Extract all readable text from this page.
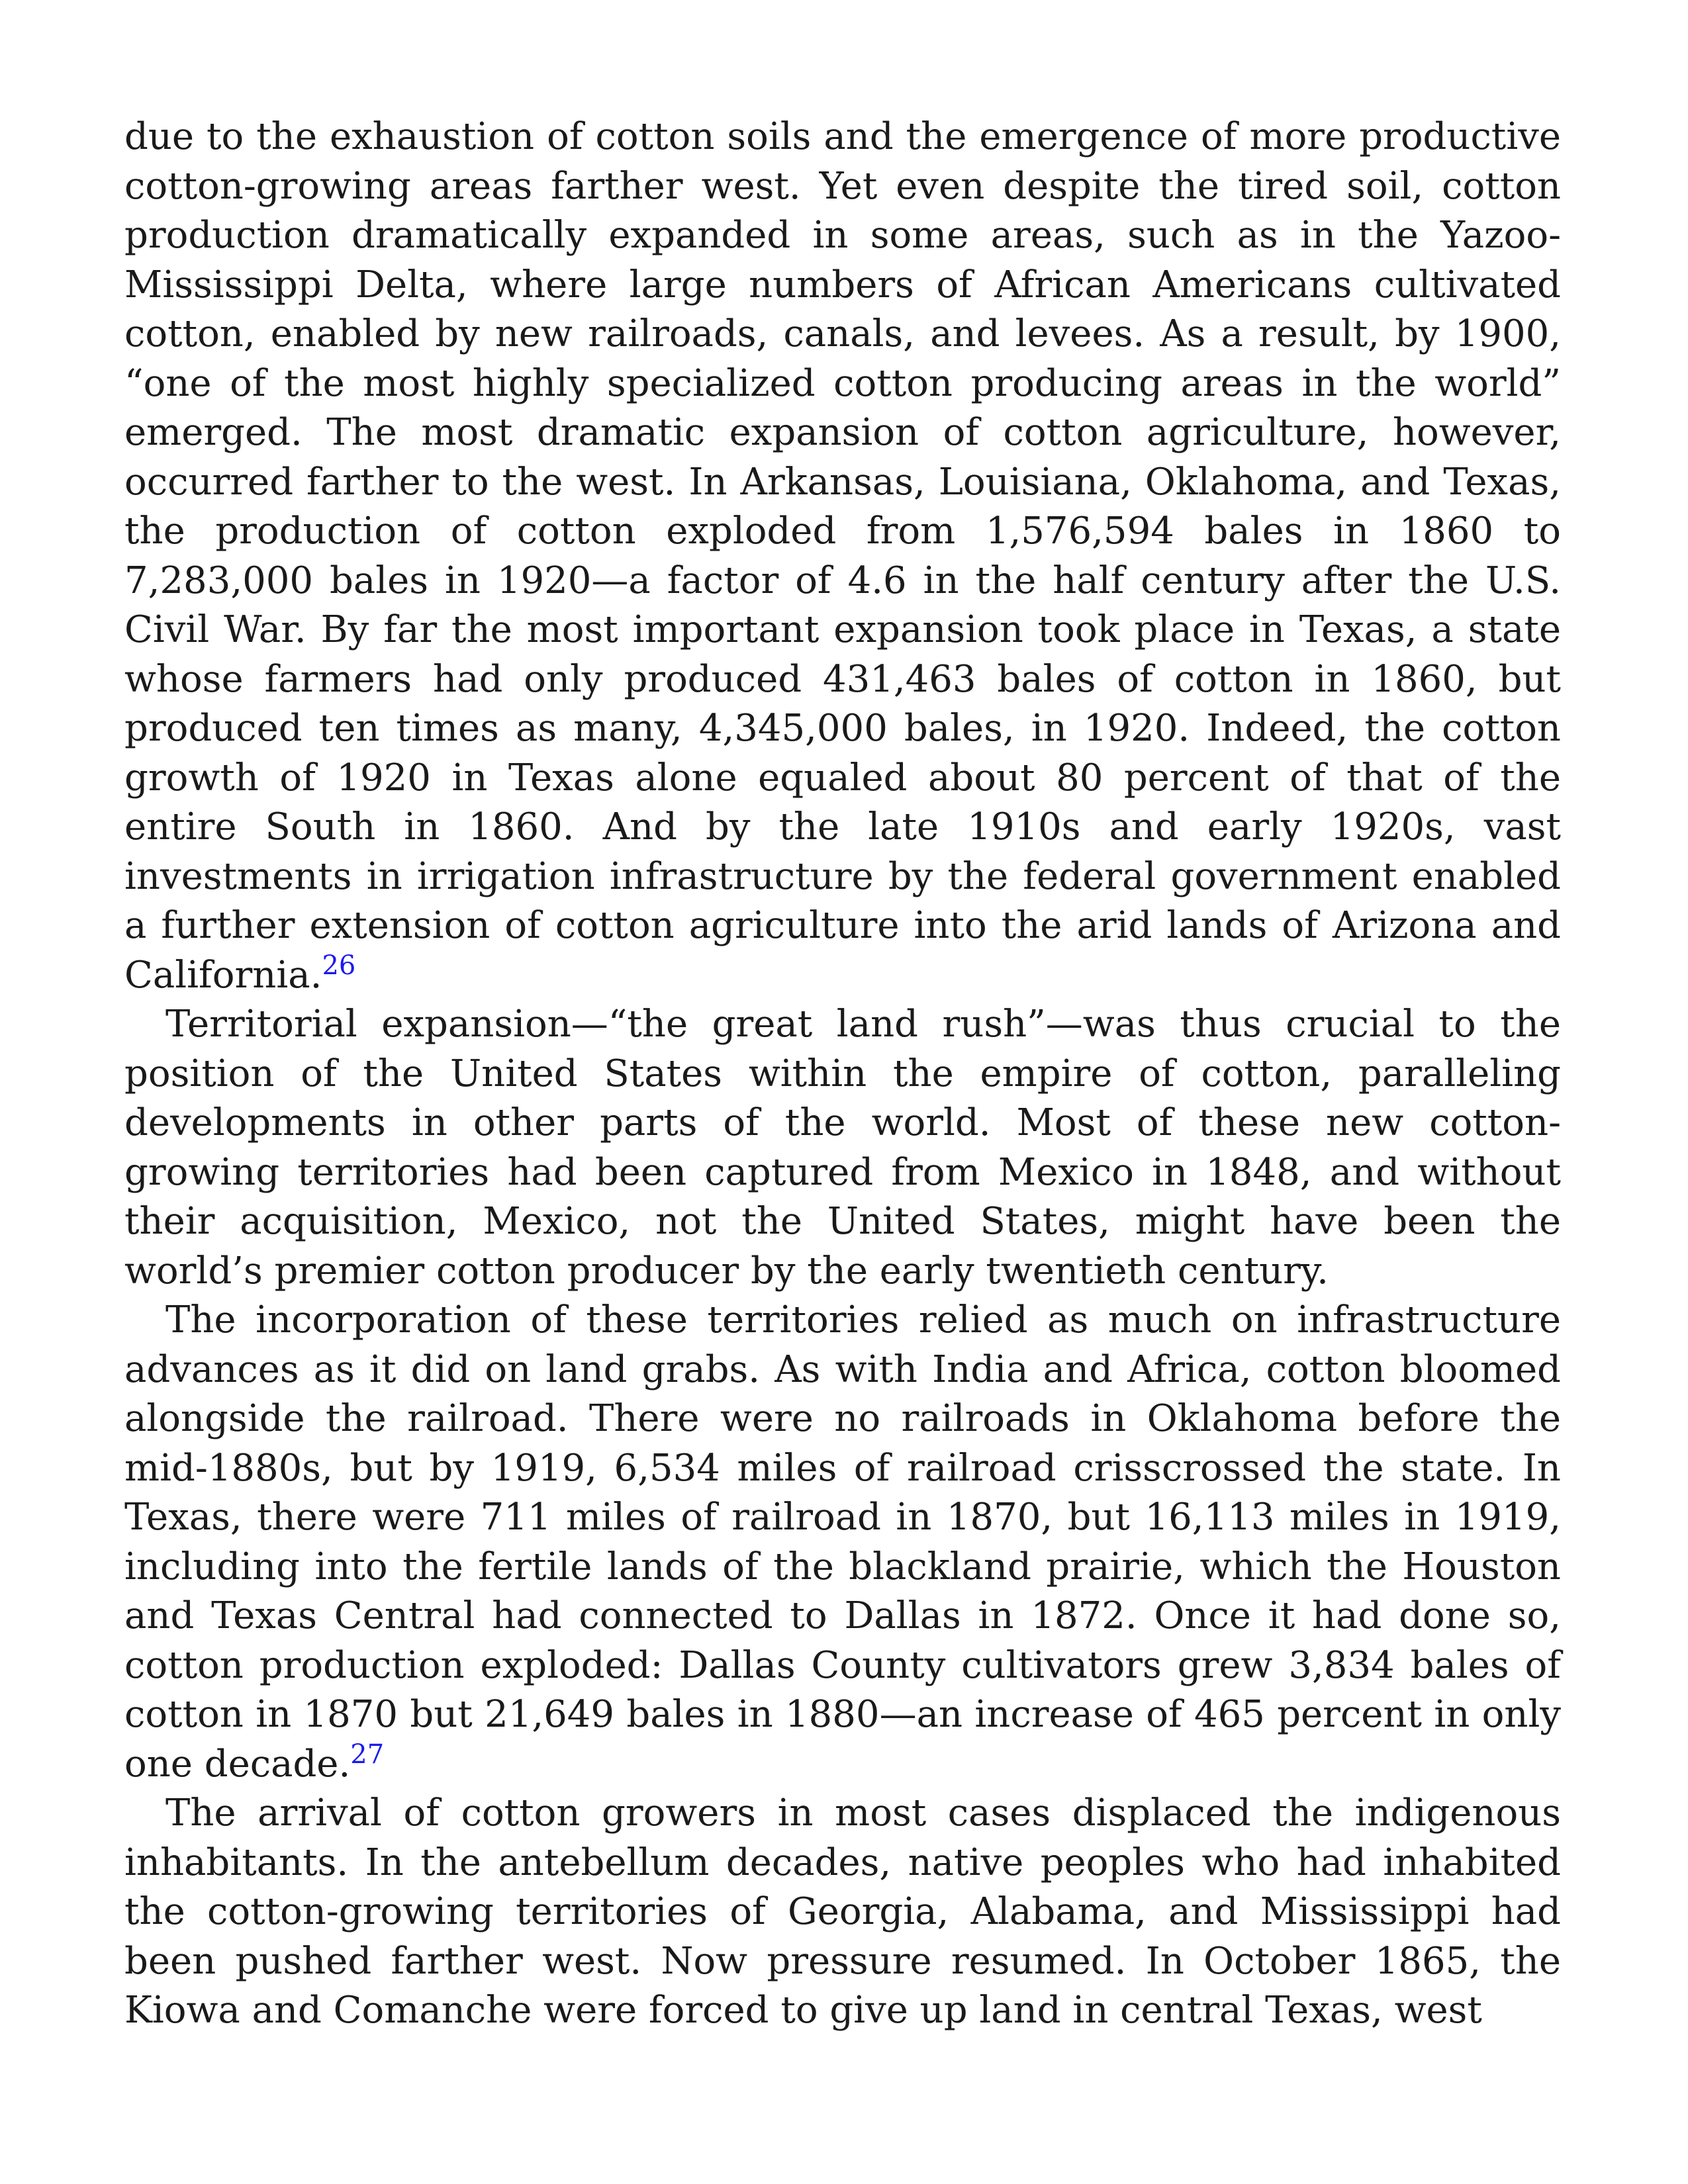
due to the exhaustion of cotton soils and the emergence of more productive cotton-growing areas farther west. Yet even despite the tired soil, cotton production dramatically expanded in some areas, such as in the Yazoo-Mississippi Delta, where large numbers of African Americans cultivated cotton, enabled by new railroads, canals, and levees. As a result, by 1900, “one of the most highly specialized cotton producing areas in the world” emerged. The most dramatic expansion of cotton agriculture, however, occurred farther to the west. In Arkansas, Louisiana, Oklahoma, and Texas, the production of cotton exploded from 1,576,594 bales in 1860 to 7,283,000 bales in 1920—a factor of 4.6 in the half century after the U.S. Civil War. By far the most important expansion took place in Texas, a state whose farmers had only produced 431,463 bales of cotton in 1860, but produced ten times as many, 4,345,000 bales, in 1920. Indeed, the cotton growth of 1920 in Texas alone equaled about 80 percent of that of the entire South in 1860. And by the late 1910s and early 1920s, vast investments in irrigation infrastructure by the federal government enabled a further extension of cotton agriculture into the arid lands of Arizona and California.$^{26}$

Territorial expansion—“the great land rush”—was thus crucial to the position of the United States within the empire of cotton, paralleling developments in other parts of the world. Most of these new cotton-growing territories had been captured from Mexico in 1848, and without their acquisition, Mexico, not the United States, might have been the world’s premier cotton producer by the early twentieth century.

The incorporation of these territories relied as much on infrastructure advances as it did on land grabs. As with India and Africa, cotton bloomed alongside the railroad. There were no railroads in Oklahoma before the mid-1880s, but by 1919, 6,534 miles of railroad crisscrossed the state. In Texas, there were 711 miles of railroad in 1870, but 16,113 miles in 1919, including into the fertile lands of the blackland prairie, which the Houston and Texas Central had connected to Dallas in 1872. Once it had done so, cotton production exploded: Dallas County cultivators grew 3,834 bales of cotton in 1870 but 21,649 bales in 1880—an increase of 465 percent in only one decade.$^{27}$

The arrival of cotton growers in most cases displaced the indigenous inhabitants. In the antebellum decades, native peoples who had inhabited the cotton-growing territories of Georgia, Alabama, and Mississippi had been pushed farther west. Now pressure resumed. In October 1865, the Kiowa and Comanche were forced to give up land in central Texas, west
